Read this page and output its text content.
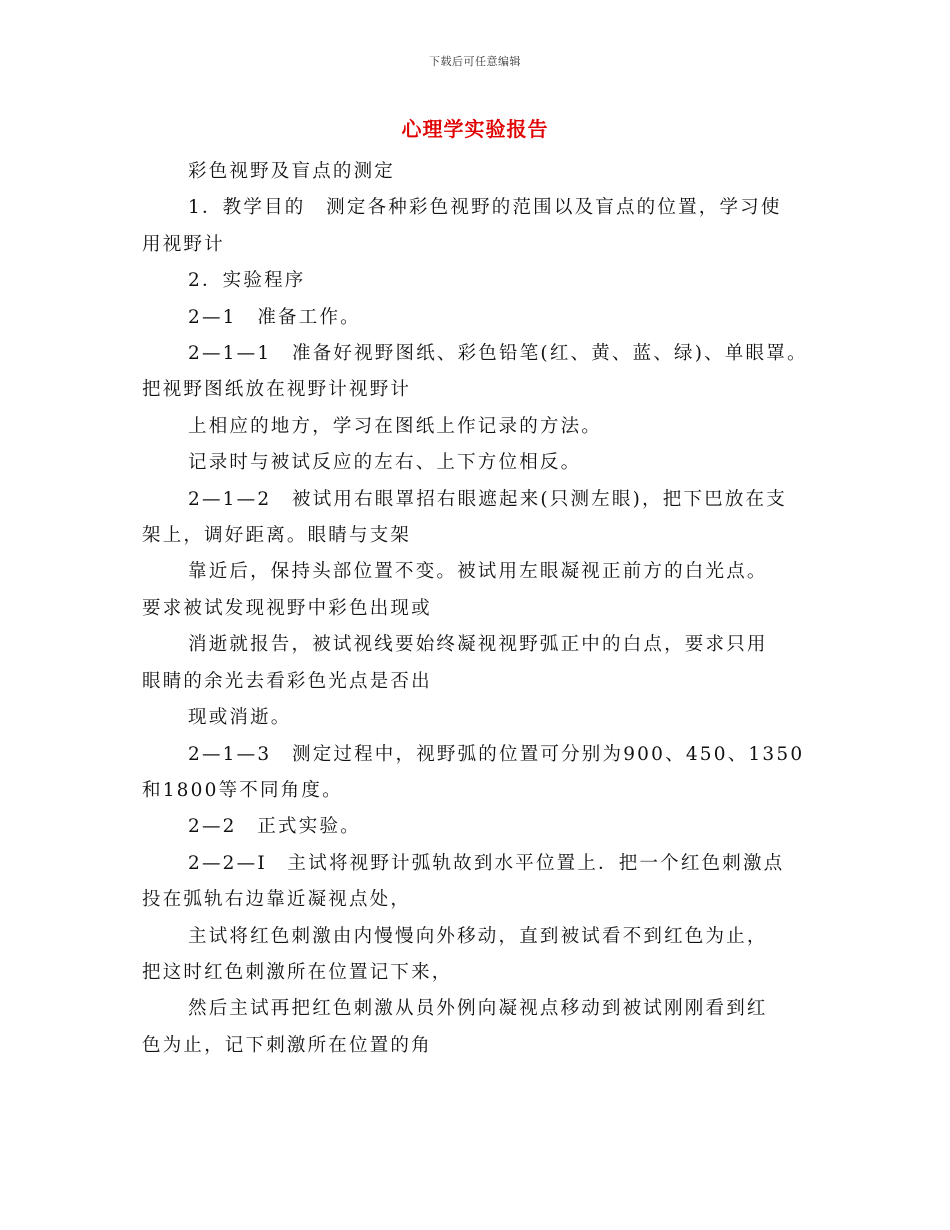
下载后可任意编辑
心理学实验报告
彩色视野及盲点的测定
1．教学目的　测定各种彩色视野的范围以及盲点的位置，学习使
用视野计
2．实验程序
2—1　准备工作。
2—1—1　准备好视野图纸、彩色铅笔(红、黄、蓝、绿)、单眼罩。
把视野图纸放在视野计视野计
上相应的地方，学习在图纸上作记录的方法。
记录时与被试反应的左右、上下方位相反。
2—1—2　被试用右眼罩招右眼遮起来(只测左眼)，把下巴放在支
架上，调好距离。眼睛与支架
靠近后，保持头部位置不变。被试用左眼凝视正前方的白光点。
要求被试发现视野中彩色出现或
消逝就报告，被试视线要始终凝视视野弧正中的白点，要求只用
眼睛的余光去看彩色光点是否出
现或消逝。
2—1—3　测定过程中，视野弧的位置可分别为900、450、1350
和1800等不同角度。
2—2　正式实验。
2—2—I　主试将视野计弧轨故到水平位置上．把一个红色刺激点
投在弧轨右边靠近凝视点处，
主试将红色刺激由内慢慢向外移动，直到被试看不到红色为止，
把这时红色刺激所在位置记下来，
然后主试再把红色刺激从员外例向凝视点移动到被试刚刚看到红
色为止，记下刺激所在位置的角
